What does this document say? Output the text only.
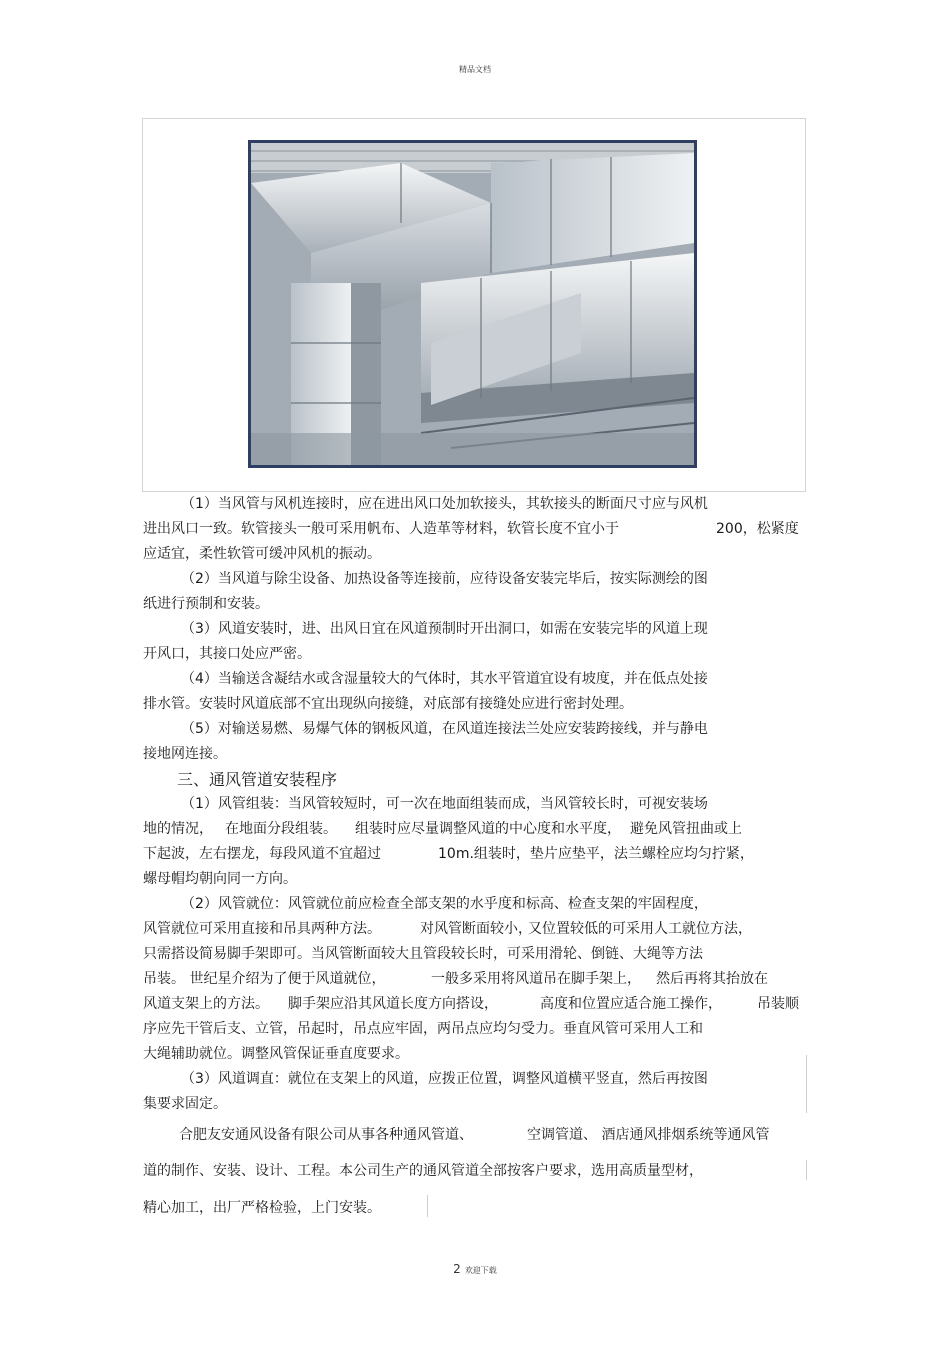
精品文档
（1）当风管与风机连接时，应在进出风口处加软接头，其软接头的断面尺寸应与风机
进出风口一致。软管接头一般可采用帆布、人造革等材料，软管长度不宜小于	200，松紧度
应适宜，柔性软管可缓冲风机的振动。
（2）当风道与除尘设备、加热设备等连接前，应待设备安装完毕后，按实际测绘的图
纸进行预制和安装。
（3）风道安装时，进、出风日宜在风道预制时开出洞口，如需在安装完毕的风道上现
开风口，其接口处应严密。
（4）当输送含凝结水或含湿量较大的气体时，其水平管道宜设有坡度，并在低点处接
排水管。安装时风道底部不宜出现纵向接缝，对底部有接缝处应进行密封处理。
（5）对输送易燃、易爆气体的钢板风道，在风道连接法兰处应安装跨接线，并与静电
接地网连接。
三、通风管道安装程序
（1）风管组装：当风管较短时，可一次在地面组装而成，当风管较长时，可视安装场
地的情况， 在地面分段组装。 组装时应尽量调整风道的中心度和水平度， 避免风管扭曲或上
下起波，左右摆龙，每段风道不宜超过	10m.组装时，垫片应垫平，法兰螺栓应均匀拧紧，
螺母帽均朝向同一方向。
（2）风管就位：风管就位前应检查全部支架的水乎度和标高、检查支架的牢固程度，
风管就位可采用直接和吊具两种方法。	对风管断面较小，
又位置较低的可采用人工就位方法，
只需搭设简易脚手架即可。当风管断面较大且管段较长时，可采用滑轮、倒链、大绳等方法
吊装。 世纪星介绍为了便于风道就位，	一般多采用将风道吊在脚手架上， 然后再将其抬放在
风道支架上的方法。 脚手架应沿其风道长度方向搭设，	高度和位置应适合施工操作，	吊装顺
序应先干管后支、立管，吊起时，吊点应牢固，两吊点应均匀受力。垂直风管可采用人工和
大绳辅助就位。调整风管保证垂直度要求。
（3）风道调直：就位在支架上的风道，应拨正位置，调整风道横平竖直，然后再按图
集要求固定。
合肥友安通风设备有限公司从事各种通风管道、	空调管道、 酒店通风排烟系统等通风管
道的制作、安装、设计、工程。本公司生产的通风管道全部按客户要求，选用高质量型材，
精心加工，出厂严格检验，上门安装。
2 欢迎下载
